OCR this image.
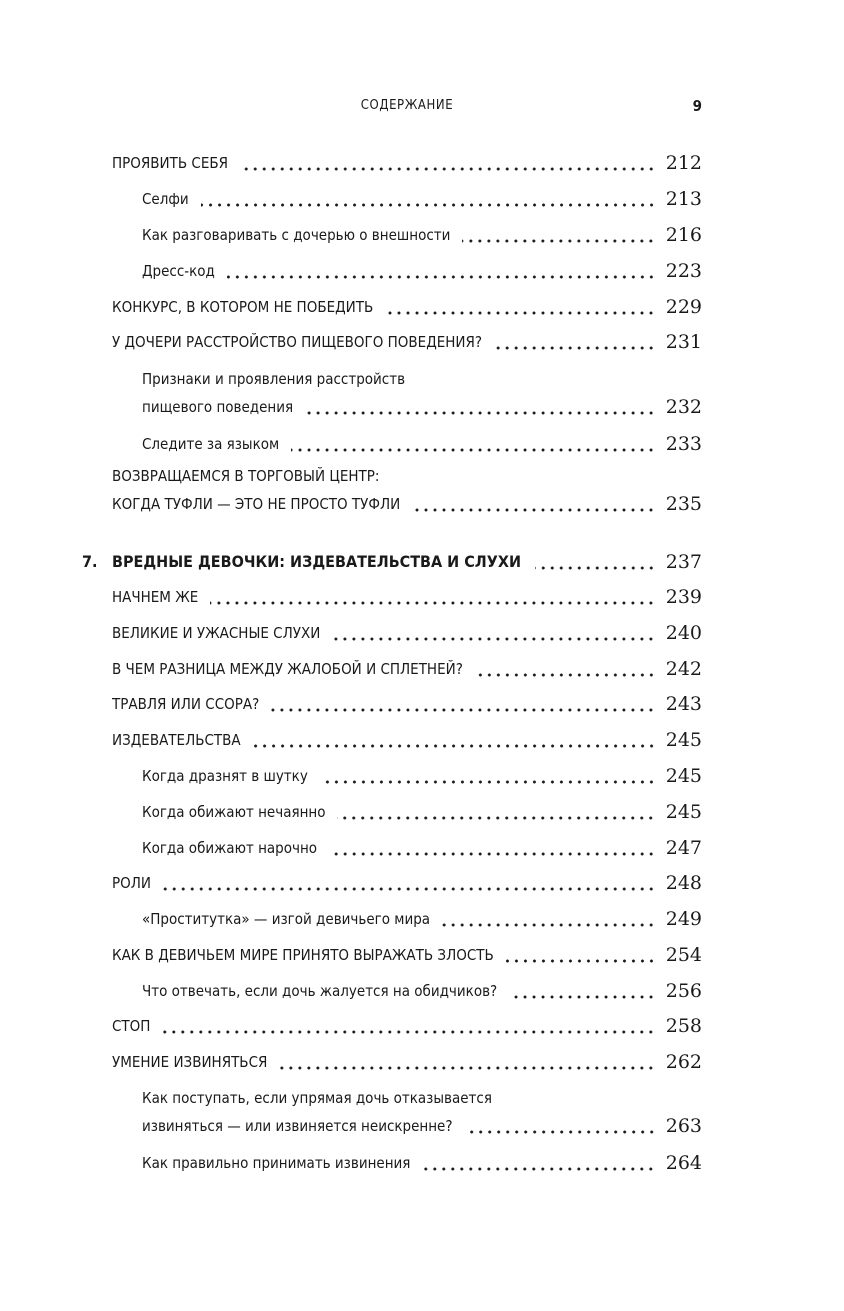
СОДЕРЖАНИЕ	9
ПРОЯВИТЬ СЕБЯ	212
Селфи	213
Как разговаривать с дочерью о внешности	216
Дресс-код	223
КОНКУРС, В КОТОРОМ НЕ ПОБЕДИТЬ	229
У ДОЧЕРИ РАССТРОЙСТВО ПИЩЕВОГО ПОВЕДЕНИЯ?	231
Признаки и проявления расстройств
пищевого поведения	232
Следите за языком	233
ВОЗВРАЩАЕМСЯ В ТОРГОВЫЙ ЦЕНТР:
КОГДА ТУФЛИ — ЭТО НЕ ПРОСТО ТУФЛИ	235
7. ВРЕДНЫЕ ДЕВОЧКИ: ИЗДЕВАТЕЛЬСТВА И СЛУХИ	237
НАЧНЕМ ЖЕ	239
ВЕЛИКИЕ И УЖАСНЫЕ СЛУХИ	240
В ЧЕМ РАЗНИЦА МЕЖДУ ЖАЛОБОЙ И СПЛЕТНЕЙ?	242
ТРАВЛЯ ИЛИ ССОРА?	243
ИЗДЕВАТЕЛЬСТВА	245
Когда дразнят в шутку	245
Когда обижают нечаянно	245
Когда обижают нарочно	247
РОЛИ	248
«Проститутка» — изгой девичьего мира	249
КАК В ДЕВИЧЬЕМ МИРЕ ПРИНЯТО ВЫРАЖАТЬ ЗЛОСТЬ	254
Что отвечать, если дочь жалуется на обидчиков?	256
СТОП	258
УМЕНИЕ ИЗВИНЯТЬСЯ	262
Как поступать, если упрямая дочь отказывается
извиняться — или извиняется неискренне?	263
Как правильно принимать извинения	264
